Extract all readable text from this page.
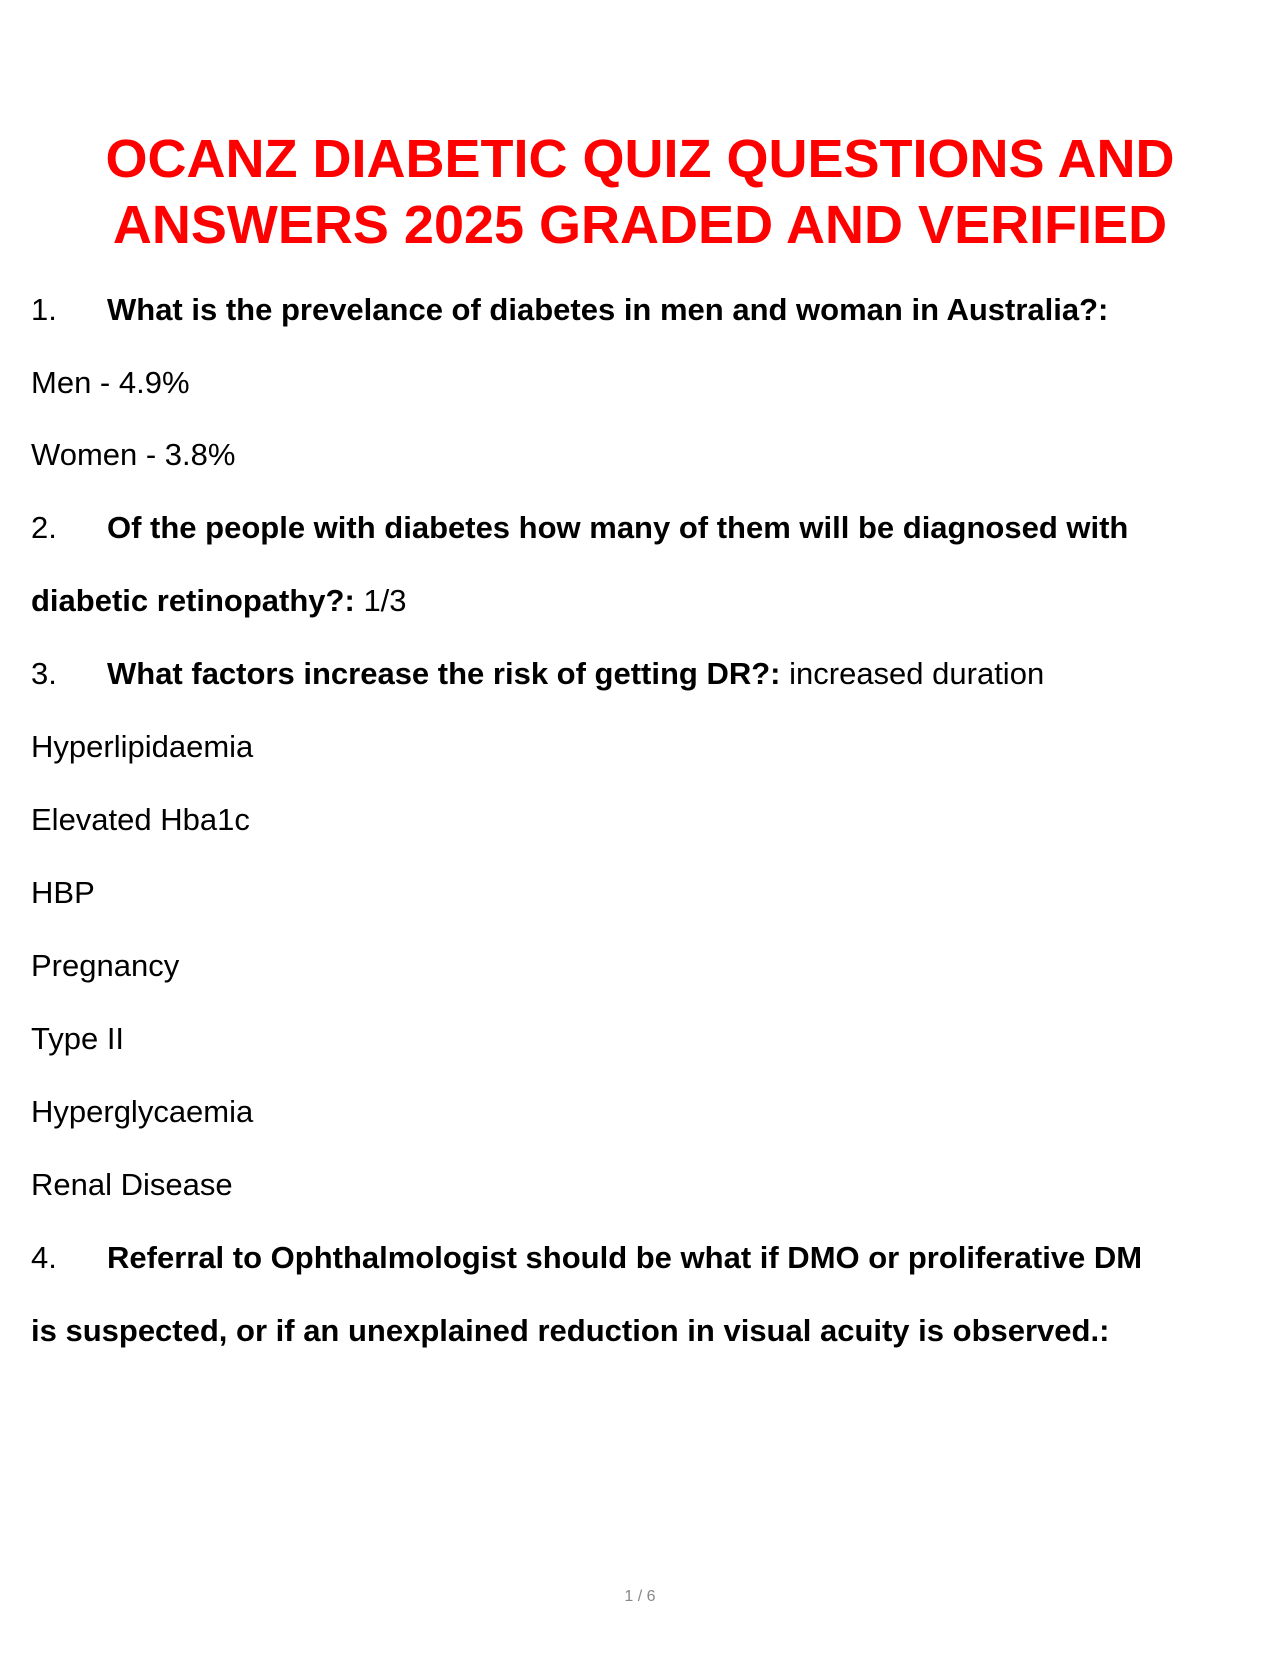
OCANZ DIABETIC QUIZ QUESTIONS AND
ANSWERS 2025 GRADED AND VERIFIED

1. What is the prevelance of diabetes in men and woman in Australia?:

Men - 4.9%

Women - 3.8%

2. Of the people with diabetes how many of them will be diagnosed with

diabetic retinopathy?: 1/3

3. What factors increase the risk of getting DR?: increased duration

Hyperlipidaemia

Elevated Hba1c

HBP

Pregnancy

Type II

Hyperglycaemia

Renal Disease

4. Referral to Ophthalmologist should be what if DMO or proliferative DM

is suspected, or if an unexplained reduction in visual acuity is observed.:

1 / 6
